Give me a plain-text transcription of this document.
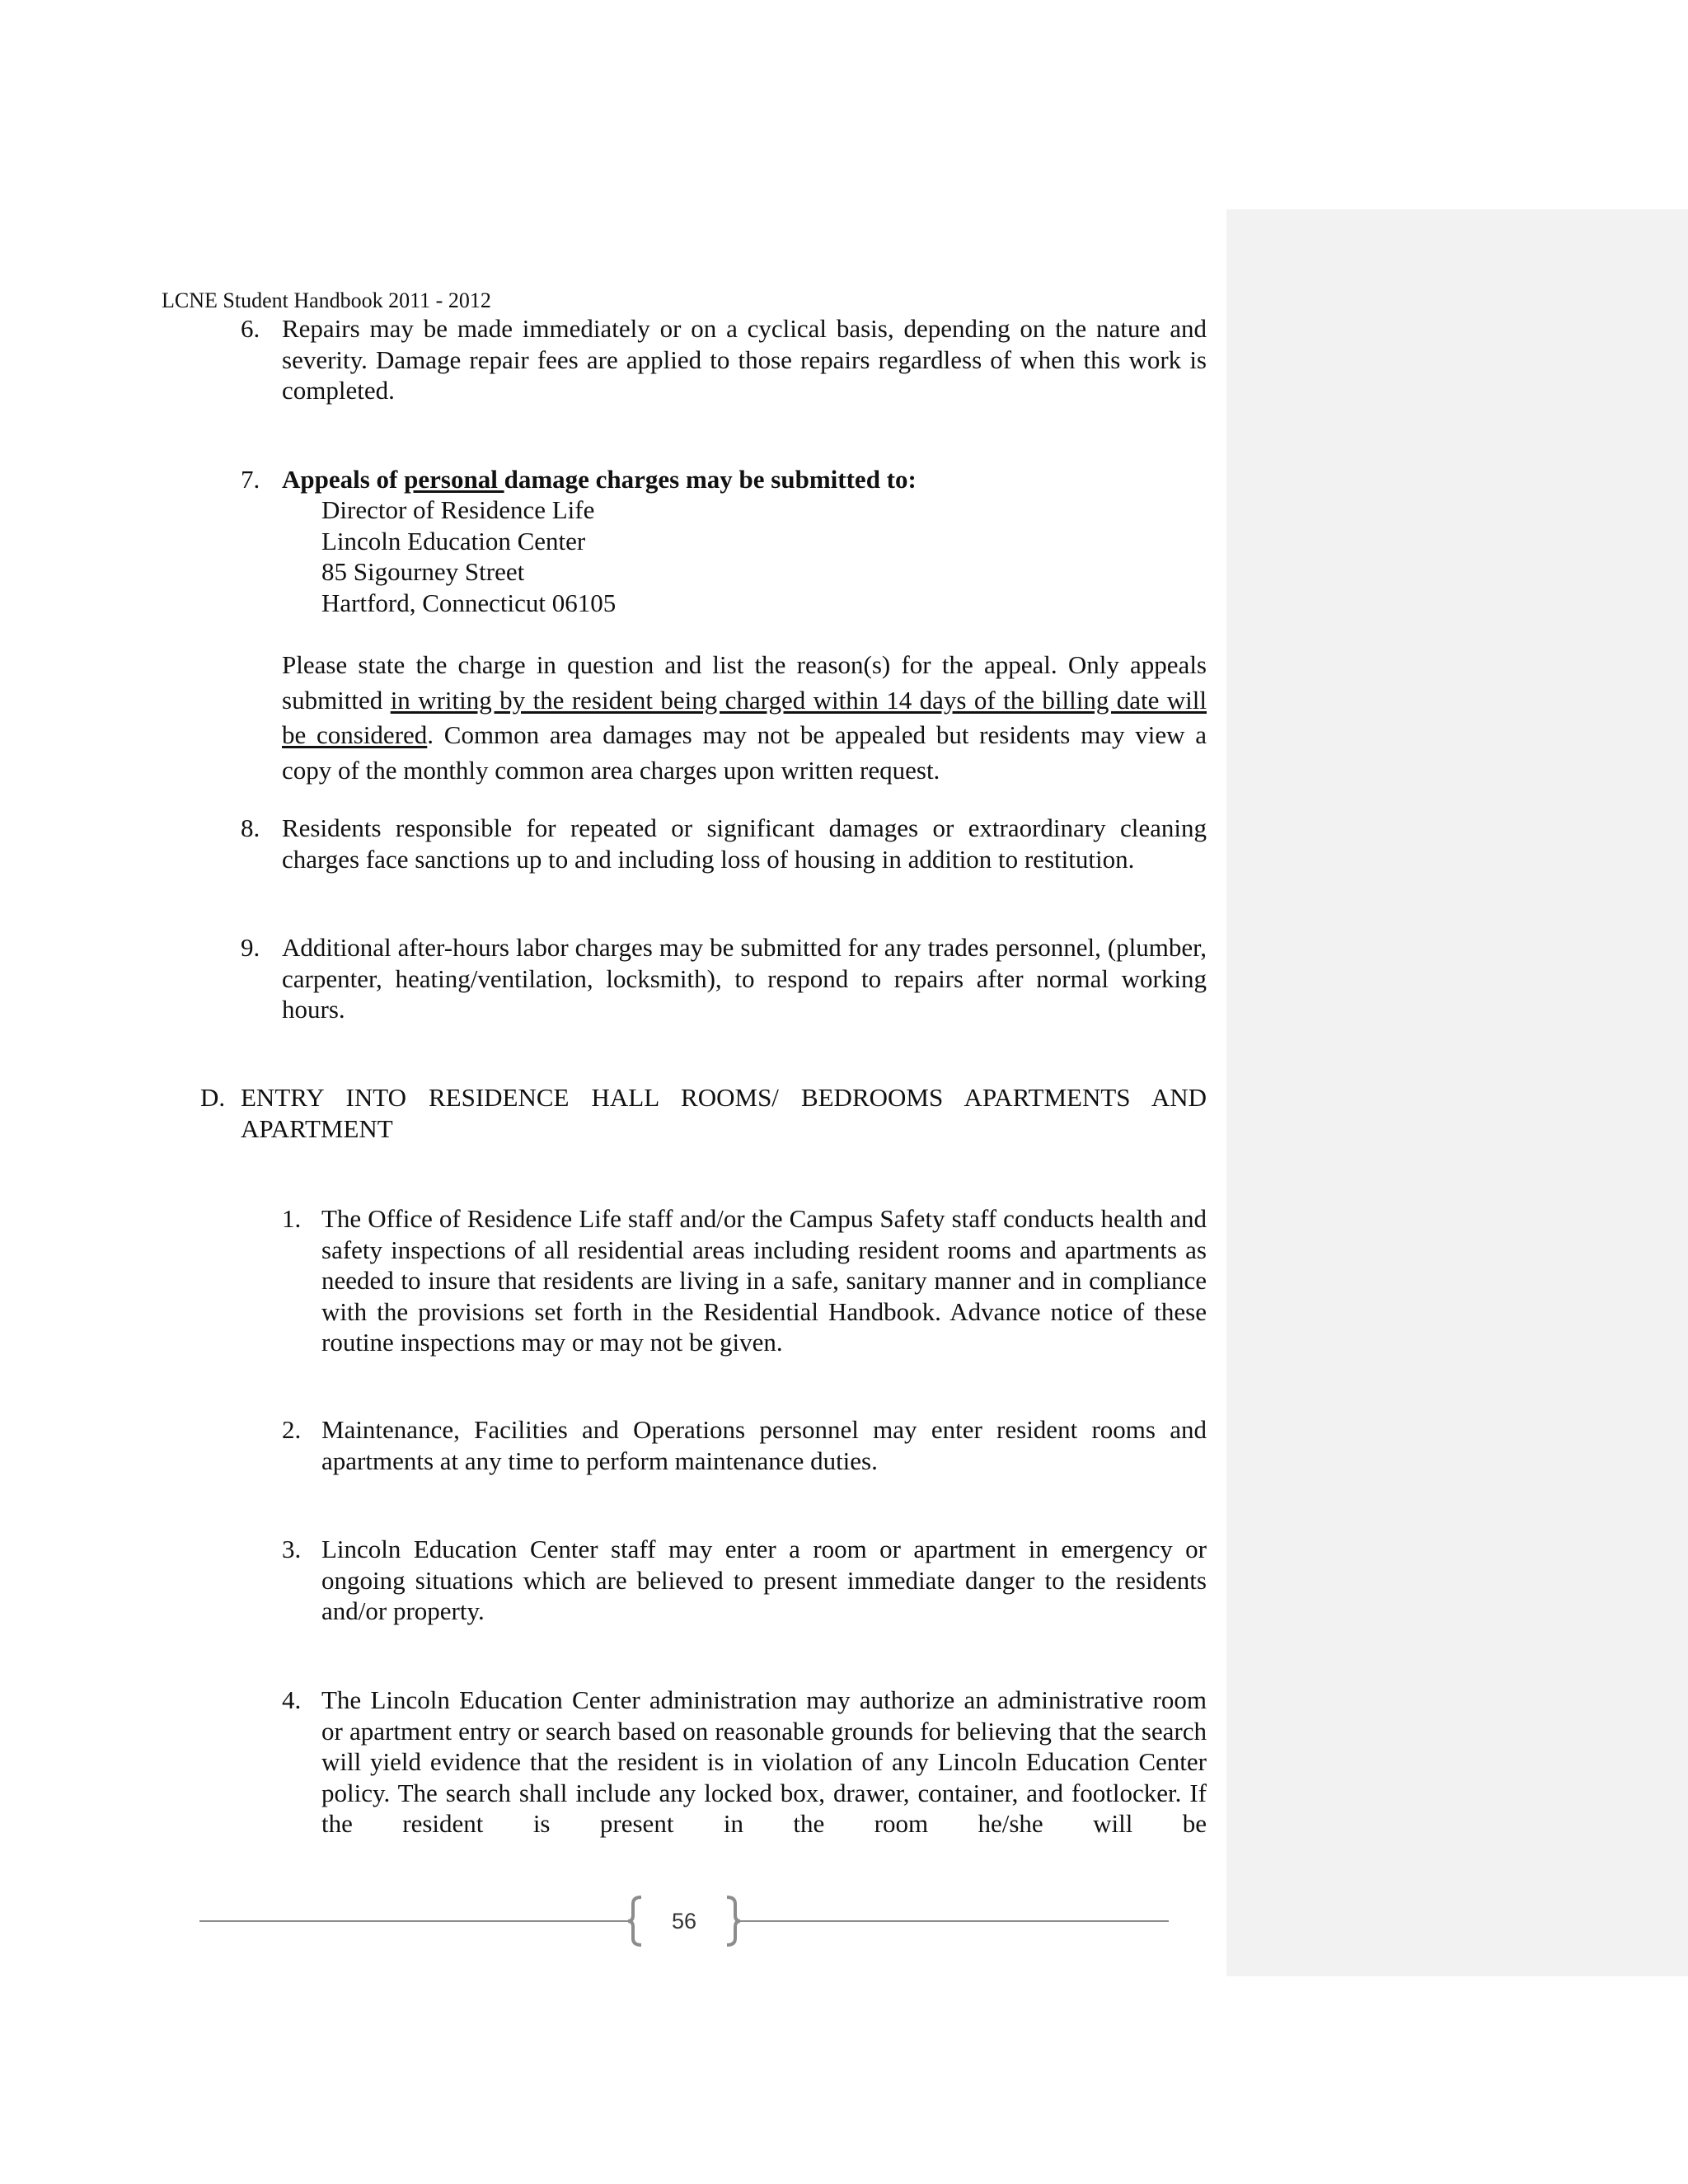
LCNE Student Handbook 2011 - 2012
6. Repairs may be made immediately or on a cyclical basis, depending on the nature and severity. Damage repair fees are applied to those repairs regardless of when this work is completed.
7. Appeals of personal damage charges may be submitted to:
Director of Residence Life
Lincoln Education Center
85 Sigourney Street
Hartford, Connecticut 06105
Please state the charge in question and list the reason(s) for the appeal. Only appeals submitted in writing by the resident being charged within 14 days of the billing date will be considered. Common area damages may not be appealed but residents may view a copy of the monthly common area charges upon written request.
8. Residents responsible for repeated or significant damages or extraordinary cleaning charges face sanctions up to and including loss of housing in addition to restitution.
9. Additional after-hours labor charges may be submitted for any trades personnel, (plumber, carpenter, heating/ventilation, locksmith), to respond to repairs after normal working hours.
D. ENTRY INTO RESIDENCE HALL ROOMS/ BEDROOMS APARTMENTS AND APARTMENT
1. The Office of Residence Life staff and/or the Campus Safety staff conducts health and safety inspections of all residential areas including resident rooms and apartments as needed to insure that residents are living in a safe, sanitary manner and in compliance with the provisions set forth in the Residential Handbook. Advance notice of these routine inspections may or may not be given.
2. Maintenance, Facilities and Operations personnel may enter resident rooms and apartments at any time to perform maintenance duties.
3. Lincoln Education Center staff may enter a room or apartment in emergency or ongoing situations which are believed to present immediate danger to the residents and/or property.
4. The Lincoln Education Center administration may authorize an administrative room or apartment entry or search based on reasonable grounds for believing that the search will yield evidence that the resident is in violation of any Lincoln Education Center policy. The search shall include any locked box, drawer, container, and footlocker. If the resident is present in the room he/she will be
56
